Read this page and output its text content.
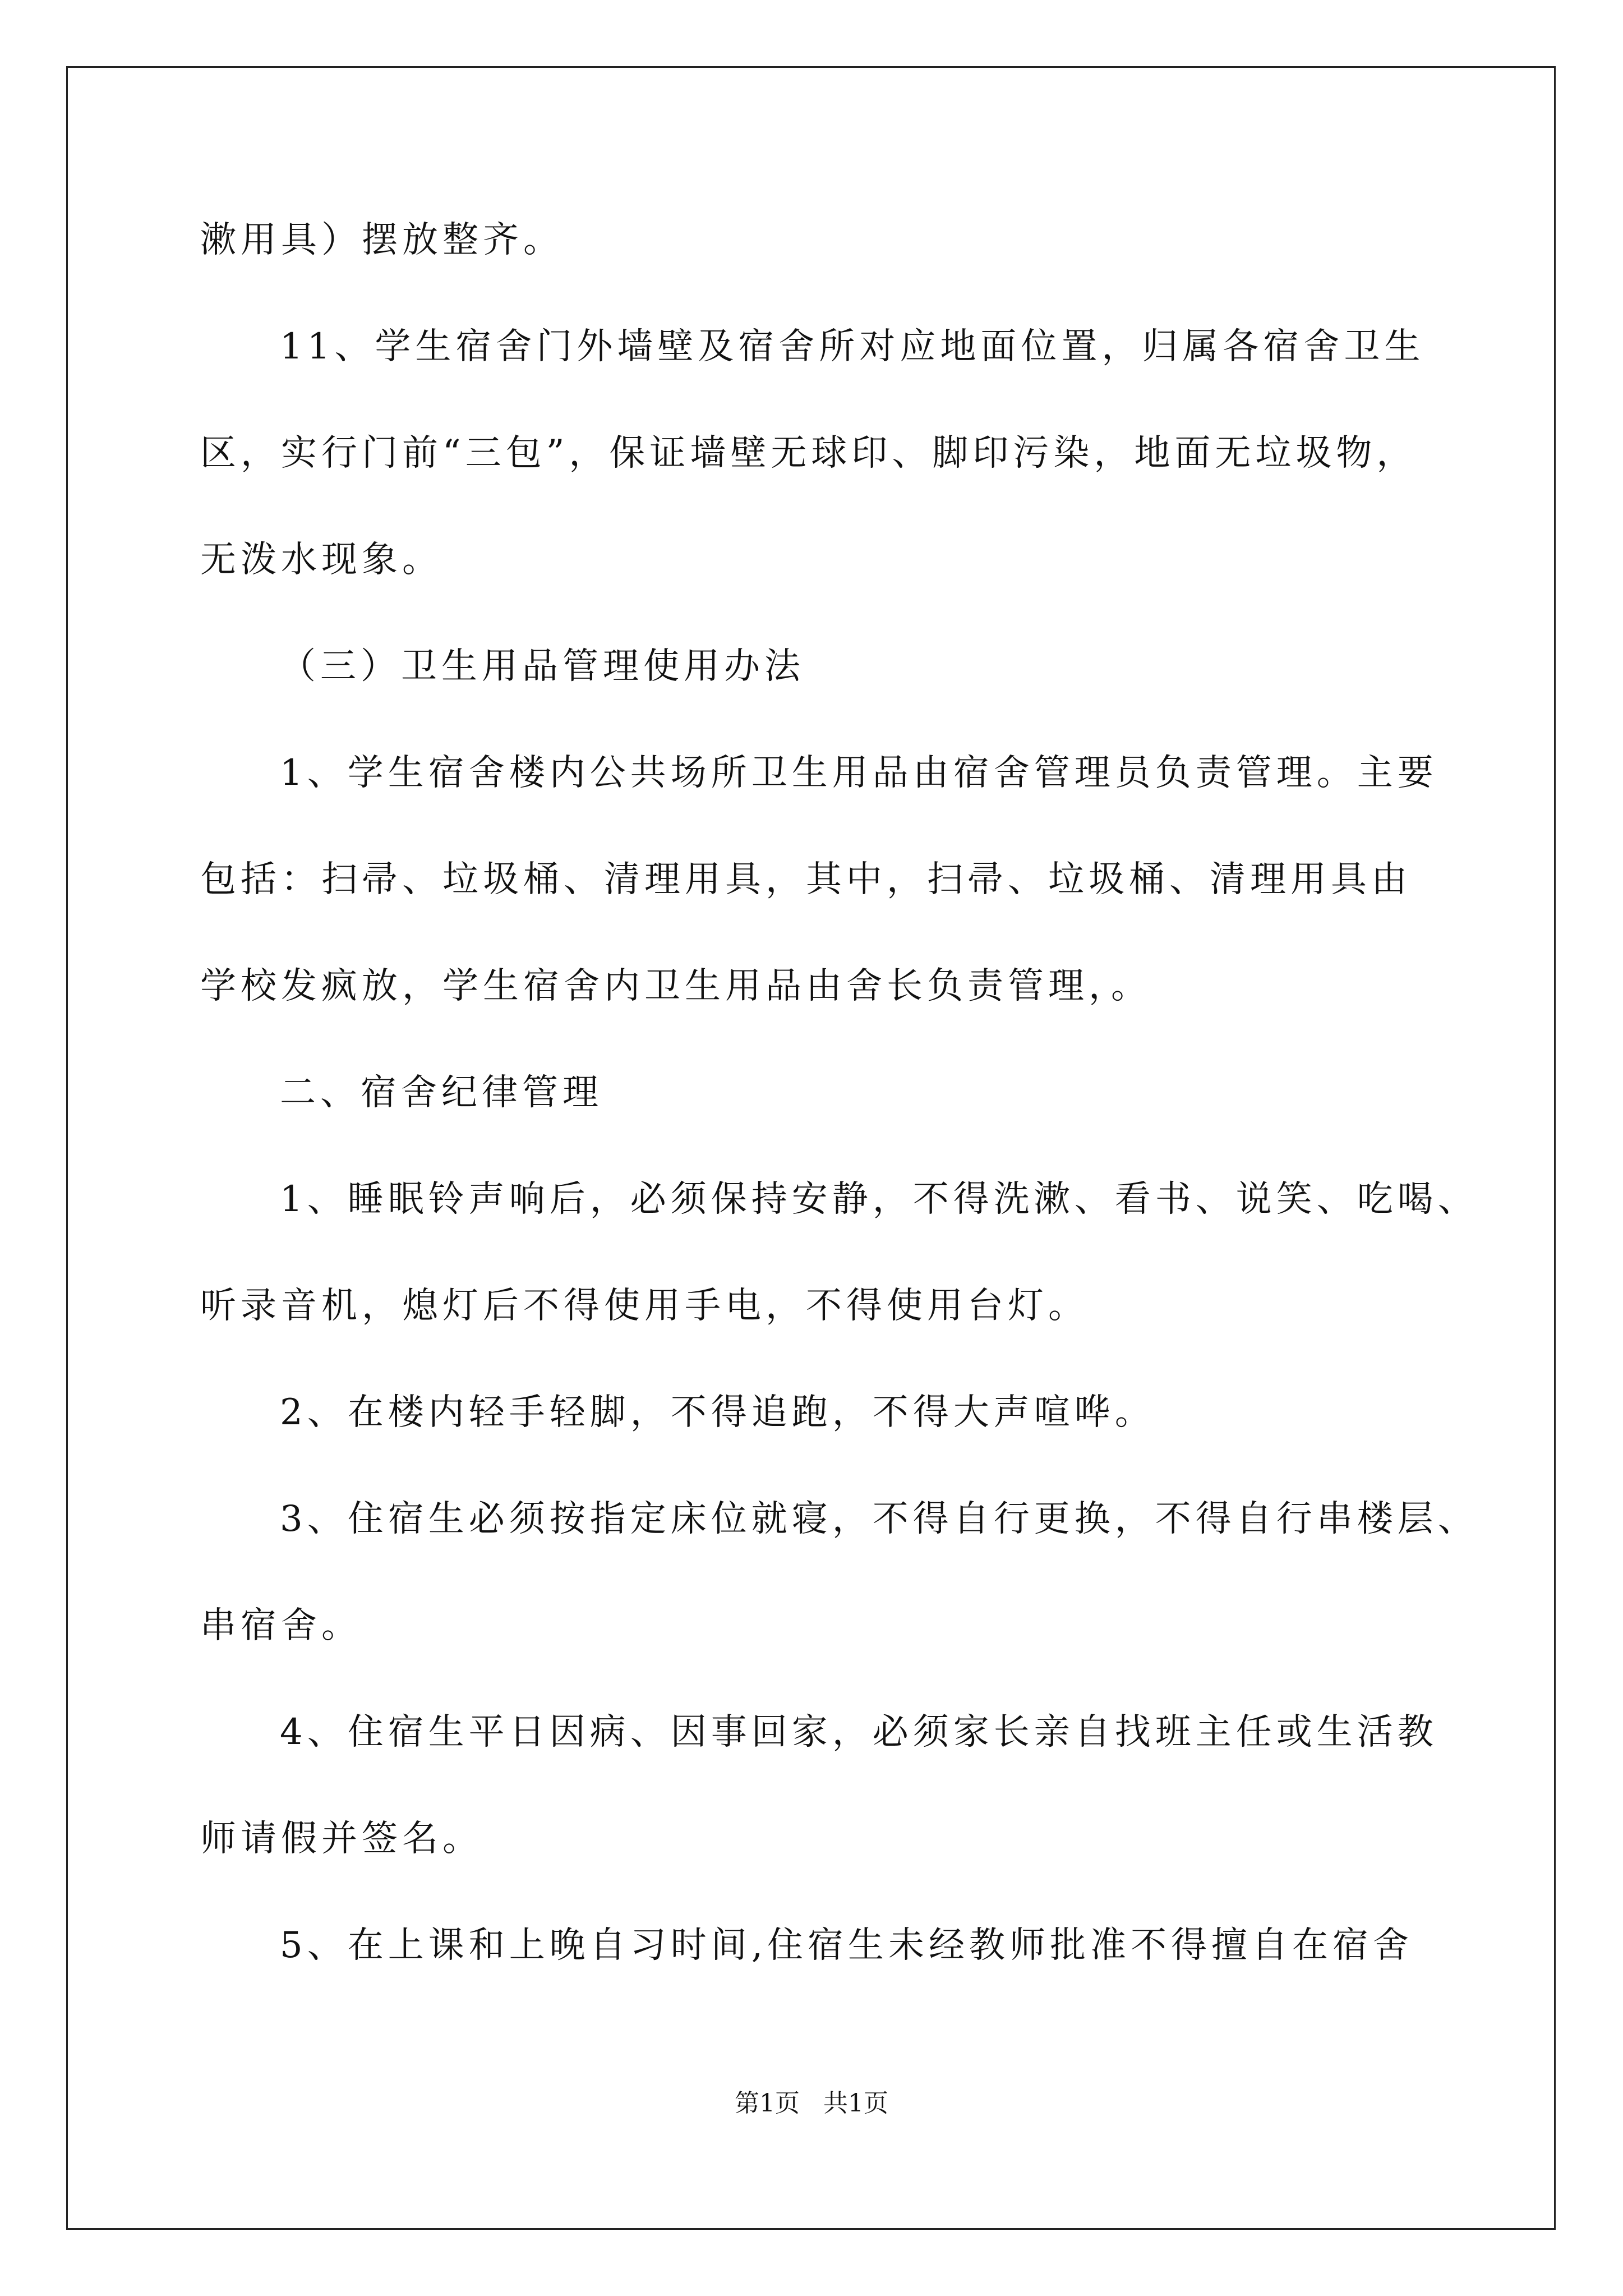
漱用具）摆放整齐。
11、学生宿舍门外墙壁及宿舍所对应地面位置，归属各宿舍卫生
区，实行门前“三包”，保证墙壁无球印、脚印污染，地面无垃圾物，
无泼水现象。
（三）卫生用品管理使用办法
1、学生宿舍楼内公共场所卫生用品由宿舍管理员负责管理。主要
包括：扫帚、垃圾桶、清理用具，其中，扫帚、垃圾桶、清理用具由
学校发疯放，学生宿舍内卫生用品由舍长负责管理，。
二、宿舍纪律管理
1、睡眠铃声响后，必须保持安静，不得洗漱、看书、说笑、吃喝、
听录音机，熄灯后不得使用手电，不得使用台灯。
2、在楼内轻手轻脚，不得追跑，不得大声喧哗。
3、住宿生必须按指定床位就寝，不得自行更换，不得自行串楼层、
串宿舍。
4、住宿生平日因病、因事回家，必须家长亲自找班主任或生活教
师请假并签名。
5、在上课和上晚自习时间,住宿生未经教师批准不得擅自在宿舍
第1页   共1页
